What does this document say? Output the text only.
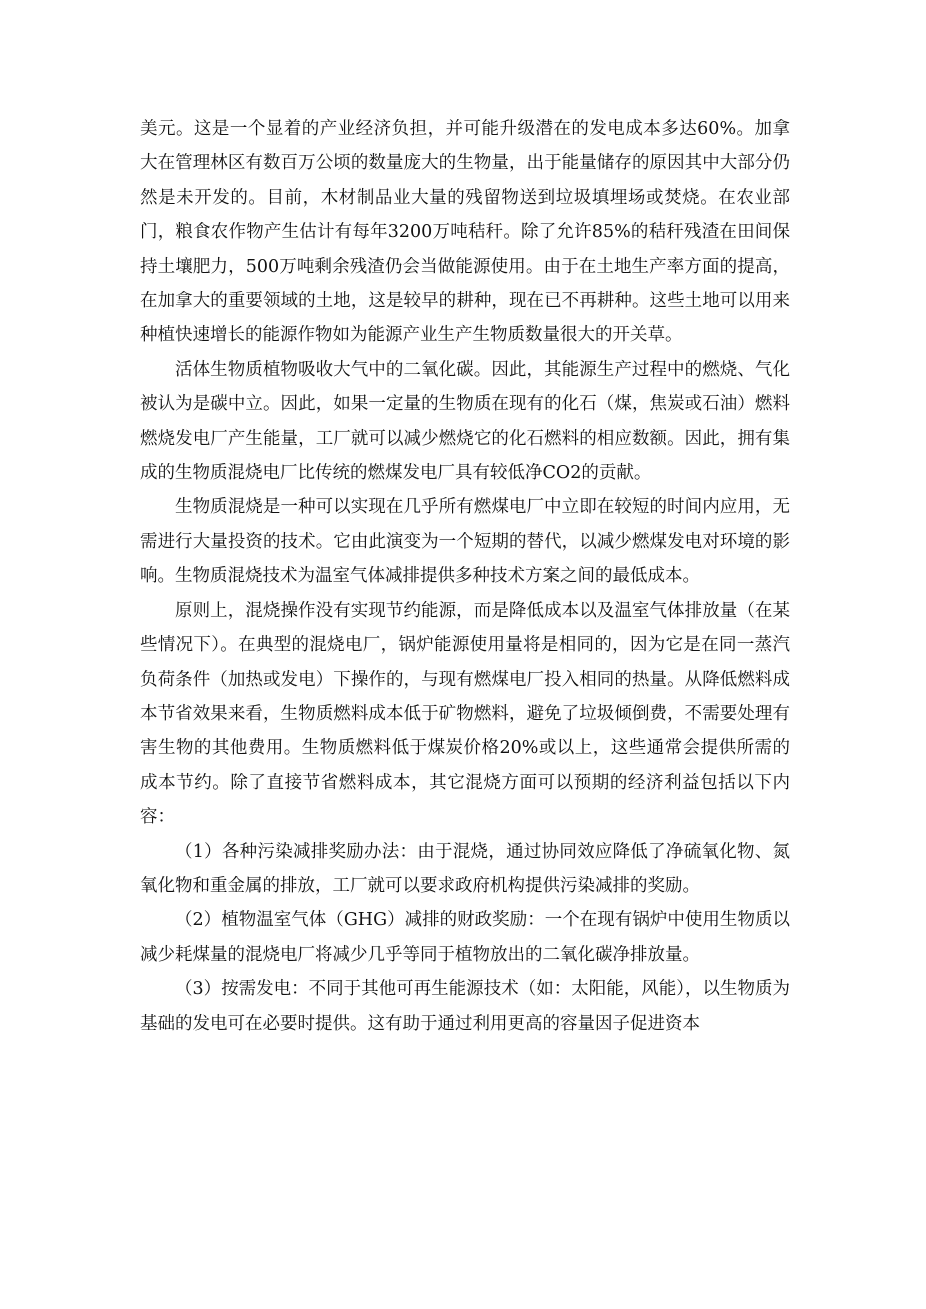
美元。这是一个显着的产业经济负担，并可能升级潜在的发电成本多达60%。加拿大在管理林区有数百万公顷的数量庞大的生物量，出于能量储存的原因其中大部分仍然是未开发的。目前，木材制品业大量的残留物送到垃圾填埋场或焚烧。在农业部门，粮食农作物产生估计有每年3200万吨秸秆。除了允许85%的秸秆残渣在田间保持土壤肥力，500万吨剩余残渣仍会当做能源使用。由于在土地生产率方面的提高，在加拿大的重要领域的土地，这是较早的耕种，现在已不再耕种。这些土地可以用来种植快速增长的能源作物如为能源产业生产生物质数量很大的开关草。

活体生物质植物吸收大气中的二氧化碳。因此，其能源生产过程中的燃烧、气化被认为是碳中立。因此，如果一定量的生物质在现有的化石（煤，焦炭或石油）燃料燃烧发电厂产生能量，工厂就可以减少燃烧它的化石燃料的相应数额。因此，拥有集成的生物质混烧电厂比传统的燃煤发电厂具有较低净CO2的贡献。

生物质混烧是一种可以实现在几乎所有燃煤电厂中立即在较短的时间内应用，无需进行大量投资的技术。它由此演变为一个短期的替代，以减少燃煤发电对环境的影响。生物质混烧技术为温室气体减排提供多种技术方案之间的最低成本。

原则上，混烧操作没有实现节约能源，而是降低成本以及温室气体排放量（在某些情况下）。在典型的混烧电厂，锅炉能源使用量将是相同的，因为它是在同一蒸汽负荷条件（加热或发电）下操作的，与现有燃煤电厂投入相同的热量。从降低燃料成本节省效果来看，生物质燃料成本低于矿物燃料，避免了垃圾倾倒费，不需要处理有害生物的其他费用。生物质燃料低于煤炭价格20%或以上，这些通常会提供所需的成本节约。除了直接节省燃料成本，其它混烧方面可以预期的经济利益包括以下内容：

（1）各种污染减排奖励办法：由于混烧，通过协同效应降低了净硫氧化物、氮氧化物和重金属的排放，工厂就可以要求政府机构提供污染减排的奖励。

（2）植物温室气体（GHG）减排的财政奖励：一个在现有锅炉中使用生物质以减少耗煤量的混烧电厂将减少几乎等同于植物放出的二氧化碳净排放量。

（3）按需发电：不同于其他可再生能源技术（如：太阳能，风能），以生物质为基础的发电可在必要时提供。这有助于通过利用更高的容量因子促进资本
